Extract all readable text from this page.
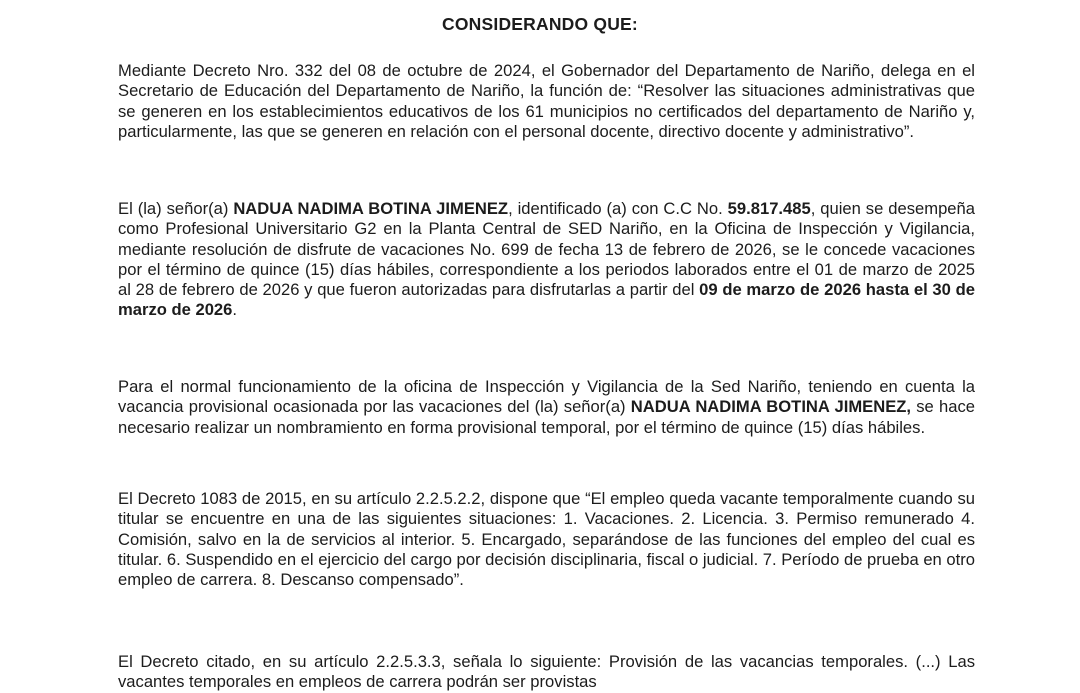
CONSIDERANDO QUE:

Mediante Decreto Nro. 332 del 08 de octubre de 2024, el Gobernador del Departamento de Nariño, delega en el Secretario de Educación del Departamento de Nariño, la función de: “Resolver las situaciones administrativas que se generen en los establecimientos educativos de los 61 municipios no certificados del departamento de Nariño y, particularmente, las que se generen en relación con el personal docente, directivo docente y administrativo”.

El (la) señor(a) NADUA NADIMA BOTINA JIMENEZ, identificado (a) con C.C No. 59.817.485, quien se desempeña como Profesional Universitario G2 en la Planta Central de SED Nariño, en la Oficina de Inspección y Vigilancia, mediante resolución de disfrute de vacaciones No. 699 de fecha 13 de febrero de 2026, se le concede vacaciones por el término de quince (15) días hábiles, correspondiente a los periodos laborados entre el 01 de marzo de 2025 al 28 de febrero de 2026 y que fueron autorizadas para disfrutarlas a partir del 09 de marzo de 2026 hasta el 30 de marzo de 2026.

Para el normal funcionamiento de la oficina de Inspección y Vigilancia de la Sed Nariño, teniendo en cuenta la vacancia provisional ocasionada por las vacaciones del (la) señor(a) NADUA NADIMA BOTINA JIMENEZ, se hace necesario realizar un nombramiento en forma provisional temporal, por el término de quince (15) días hábiles.

El Decreto 1083 de 2015, en su artículo 2.2.5.2.2, dispone que “El empleo queda vacante temporalmente cuando su titular se encuentre en una de las siguientes situaciones: 1. Vacaciones. 2. Licencia. 3. Permiso remunerado 4. Comisión, salvo en la de servicios al interior. 5. Encargado, separándose de las funciones del empleo del cual es titular. 6. Suspendido en el ejercicio del cargo por decisión disciplinaria, fiscal o judicial. 7. Período de prueba en otro empleo de carrera. 8. Descanso compensado”.

El Decreto citado, en su artículo 2.2.5.3.3, señala lo siguiente: Provisión de las vacancias temporales. (...) Las vacantes temporales en empleos de carrera podrán ser provistas
